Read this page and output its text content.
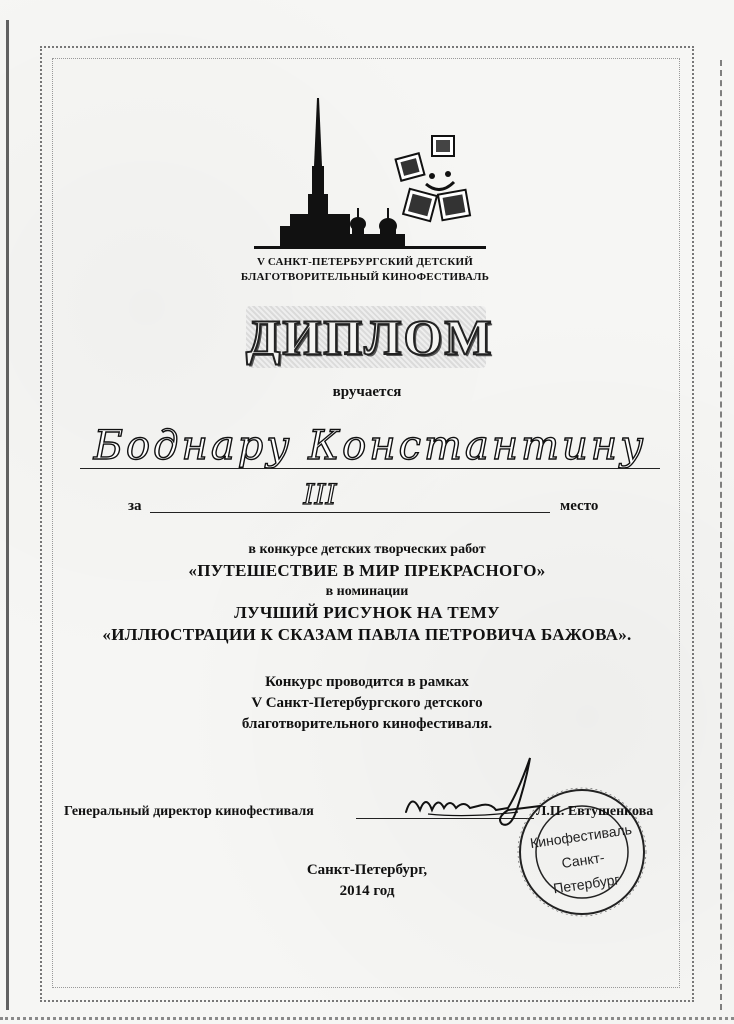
V САНКТ-ПЕТЕРБУРГСКИЙ ДЕТСКИЙ
БЛАГОТВОРИТЕЛЬНЫЙ КИНОФЕСТИВАЛЬ
ДИПЛОМ
вручается
Боднару Константину
за	III	место
в конкурсе детских творческих работ
«ПУТЕШЕСТВИЕ В МИР ПРЕКРАСНОГО»
в номинации
ЛУЧШИЙ РИСУНОК НА ТЕМУ
«ИЛЛЮСТРАЦИИ К СКАЗАМ ПАВЛА ПЕТРОВИЧА БАЖОВА».
Конкурс проводится в рамках
V Санкт-Петербургского детского
благотворительного кинофестиваля.
Генеральный директор кинофестиваля
Кинофестиваль
Санкт-Петербург
Л.П. Евтушенкова
Санкт-Петербург,
2014 год
